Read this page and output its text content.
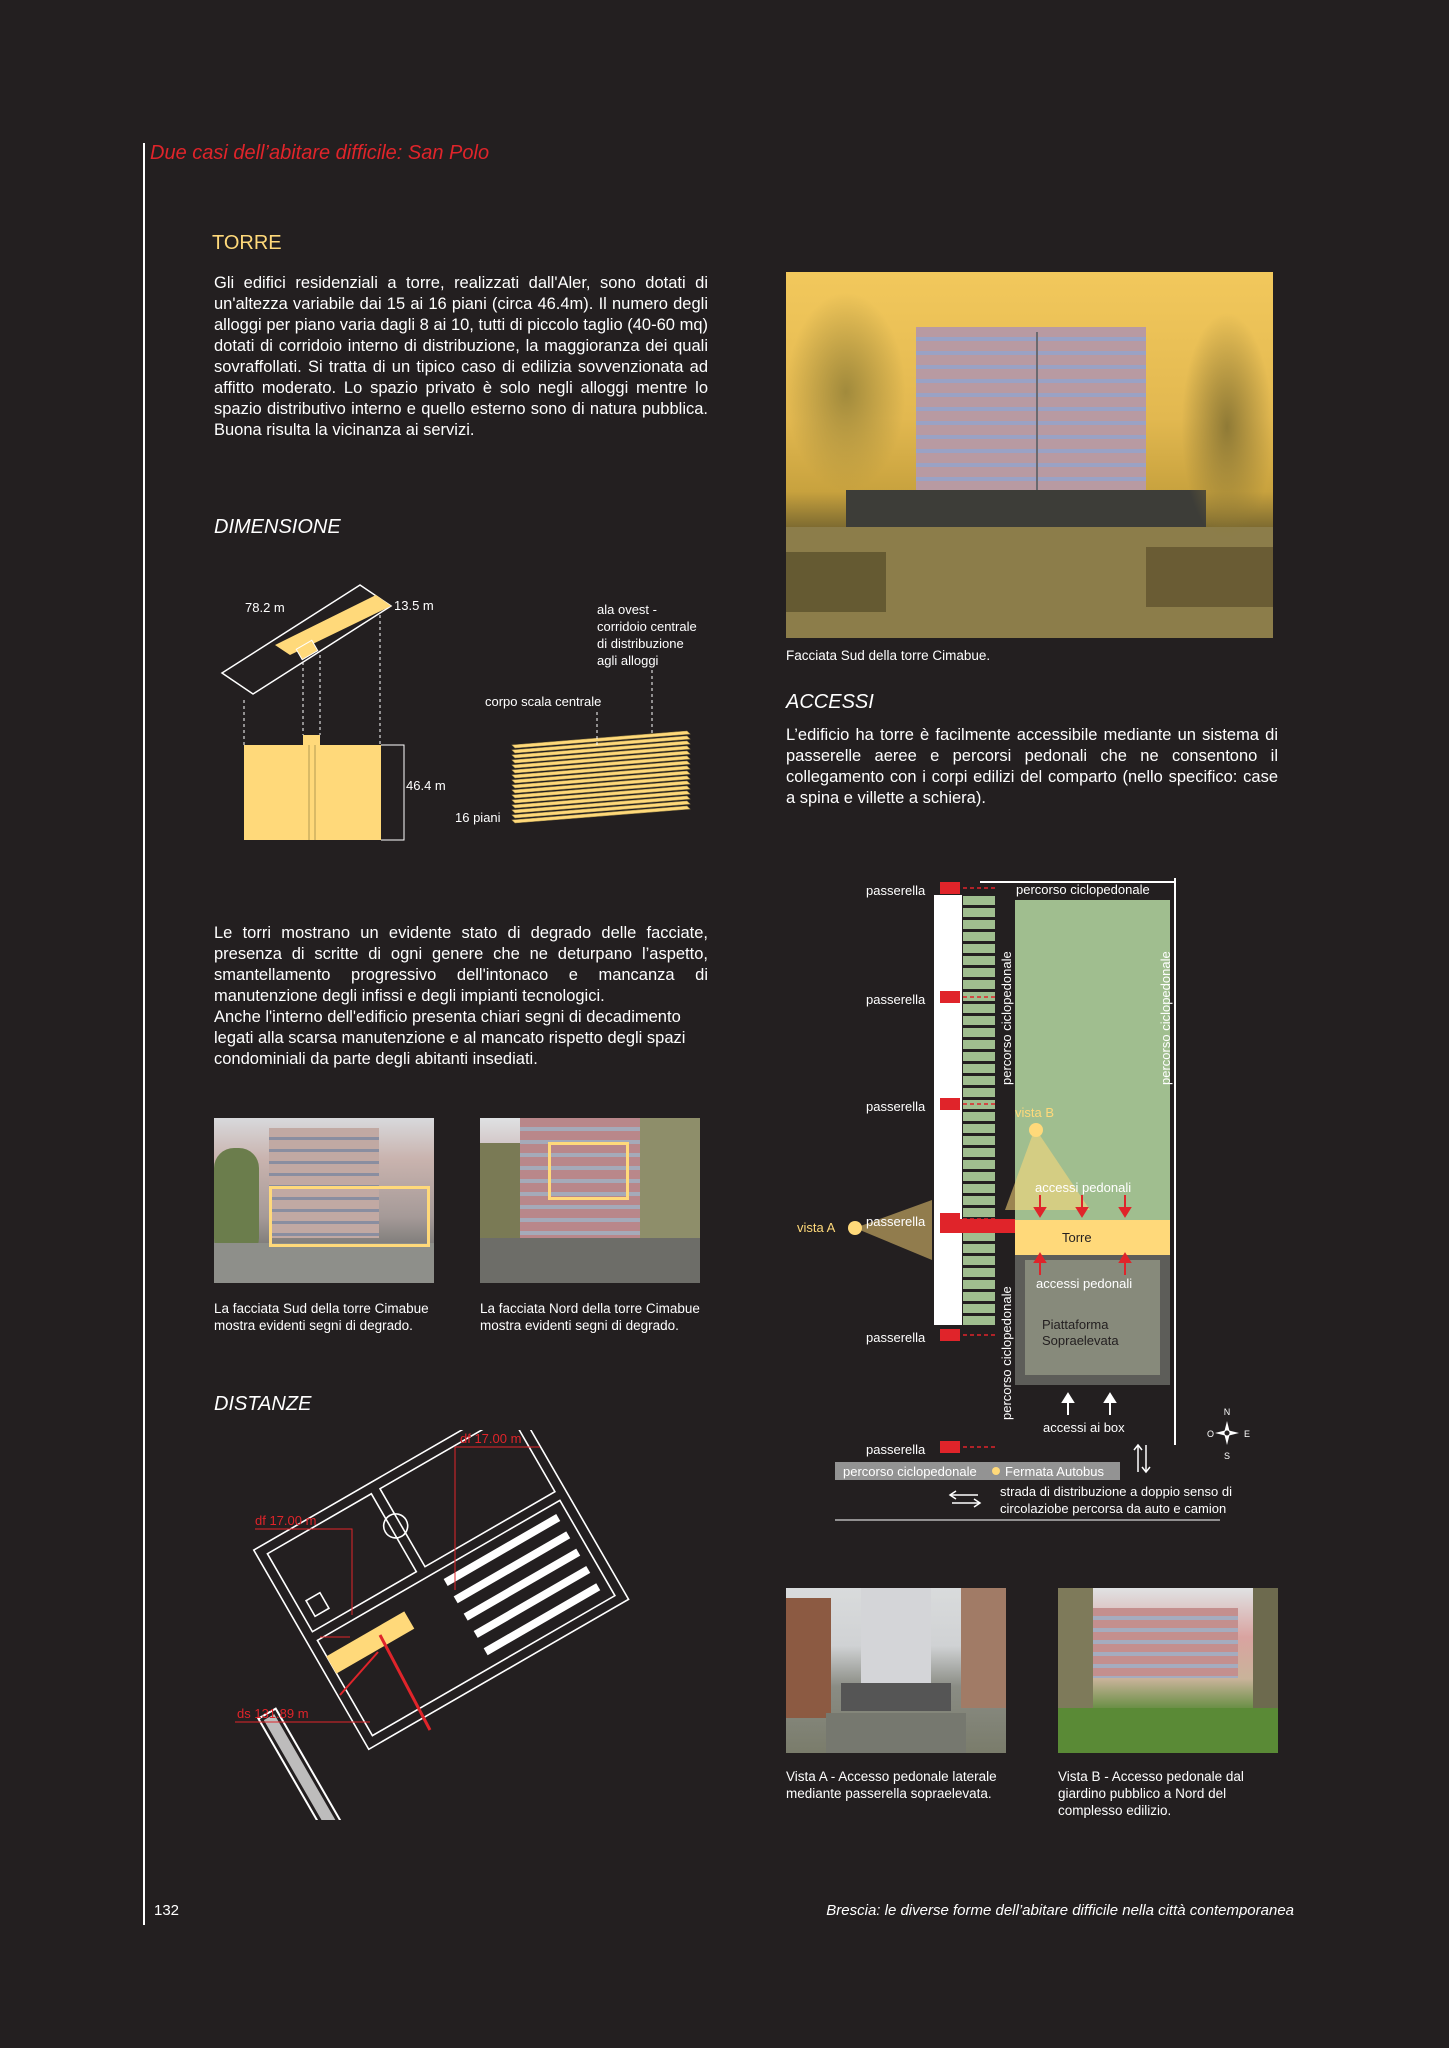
Due casi dell’abitare difficile: San Polo
TORRE
Gli edifici residenziali a torre, realizzati dall'Aler, sono dotati di un'altezza variabile dai 15 ai 16 piani (circa 46.4m). Il numero degli alloggi per piano varia dagli 8 ai 10, tutti di piccolo taglio (40-60 mq) dotati di corridoio interno di distribuzione, la maggioranza dei quali sovraffollati. Si tratta di un tipico caso di edilizia sovvenzionata ad affitto moderato. Lo spazio privato è solo negli alloggi mentre lo spazio distributivo interno e quello esterno sono di natura pubblica. Buona risulta la vicinanza ai servizi.
DIMENSIONE
78.2 m	13.5 m
46.4 m
corpo scala centrale
ala ovest -
corridoio centrale
di distribuzione
agli alloggi
16 piani
Le torri mostrano un evidente stato di degrado delle facciate, presenza di scritte di ogni genere che ne deturpano l’aspetto, smantellamento progressivo dell'intonaco e mancanza di manutenzione degli infissi e degli impianti tecnologici.
Anche l'interno dell'edificio presenta chiari segni di decadimento legati alla scarsa manutenzione e al mancato rispetto degli spazi condominiali da parte degli abitanti insediati.
La facciata Sud della torre Cimabue mostra evidenti segni di degrado.
La facciata Nord della torre Cimabue mostra evidenti segni di degrado.
DISTANZE
df 17.00 m
df 17.00 m
ds 131.89 m
Facciata Sud della torre Cimabue.
ACCESSI
L’edificio ha torre è facilmente accessibile mediante un sistema di passerelle aeree e percorsi pedonali che ne consentono il collegamento con i corpi edilizi del comparto (nello specifico: case a spina e villette a schiera).
N
S
O	E
passerella
passerella
passerella
passerella
passerella
passerella
percorso ciclopedonale
percorso ciclopedonale	percorso ciclopedonale
percorso ciclopedonale
percorso ciclopedonale Fermata Autobus
vista A
vista B
accessi pedonali
Torre
accessi pedonali
Piattaforma
Sopraelevata
accessi ai box
strada di distribuzione a doppio senso di
circolaziobe percorsa da auto e camion
Vista A - Accesso pedonale laterale mediante passerella sopraelevata.
Vista B - Accesso pedonale dal giardino pubblico a Nord del complesso edilizio.
132	Brescia: le diverse forme dell’abitare difficile nella città contemporanea
